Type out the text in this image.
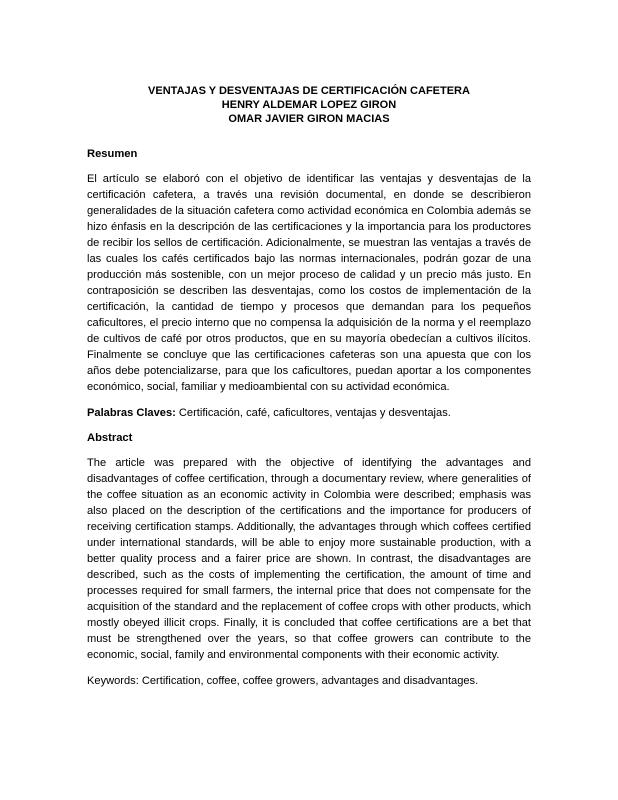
VENTAJAS Y DESVENTAJAS DE CERTIFICACIÓN CAFETERA
HENRY ALDEMAR LOPEZ GIRON
OMAR JAVIER GIRON MACIAS
Resumen

El artículo se elaboró con el objetivo de identificar las ventajas y desventajas de la certificación cafetera, a través una revisión documental, en donde se describieron generalidades de la situación cafetera como actividad económica en Colombia además se hizo énfasis en la descripción de las certificaciones y la importancia para los productores de recibir los sellos de certificación. Adicionalmente, se muestran las ventajas a través de las cuales los cafés certificados bajo las normas internacionales, podrán gozar de una producción más sostenible, con un mejor proceso de calidad y un precio más justo. En contraposición se describen las desventajas, como los costos de implementación de la certificación, la cantidad de tiempo y procesos que demandan para los pequeños caficultores, el precio interno que no compensa la adquisición de la norma y el reemplazo de cultivos de café por otros productos, que en su mayoría obedecían a cultivos ilícitos. Finalmente se concluye que las certificaciones cafeteras son una apuesta que con los años debe potencializarse, para que los caficultores, puedan aportar a los componentes económico, social, familiar y medioambiental con su actividad económica.

Palabras Claves: Certificación, café, caficultores, ventajas y desventajas.

Abstract

The article was prepared with the objective of identifying the advantages and disadvantages of coffee certification, through a documentary review, where generalities of the coffee situation as an economic activity in Colombia were described; emphasis was also placed on the description of the certifications and the importance for producers of receiving certification stamps. Additionally, the advantages through which coffees certified under international standards, will be able to enjoy more sustainable production, with a better quality process and a fairer price are shown. In contrast, the disadvantages are described, such as the costs of implementing the certification, the amount of time and processes required for small farmers, the internal price that does not compensate for the acquisition of the standard and the replacement of coffee crops with other products, which mostly obeyed illicit crops. Finally, it is concluded that coffee certifications are a bet that must be strengthened over the years, so that coffee growers can contribute to the economic, social, family and environmental components with their economic activity.

Keywords: Certification, coffee, coffee growers, advantages and disadvantages.
